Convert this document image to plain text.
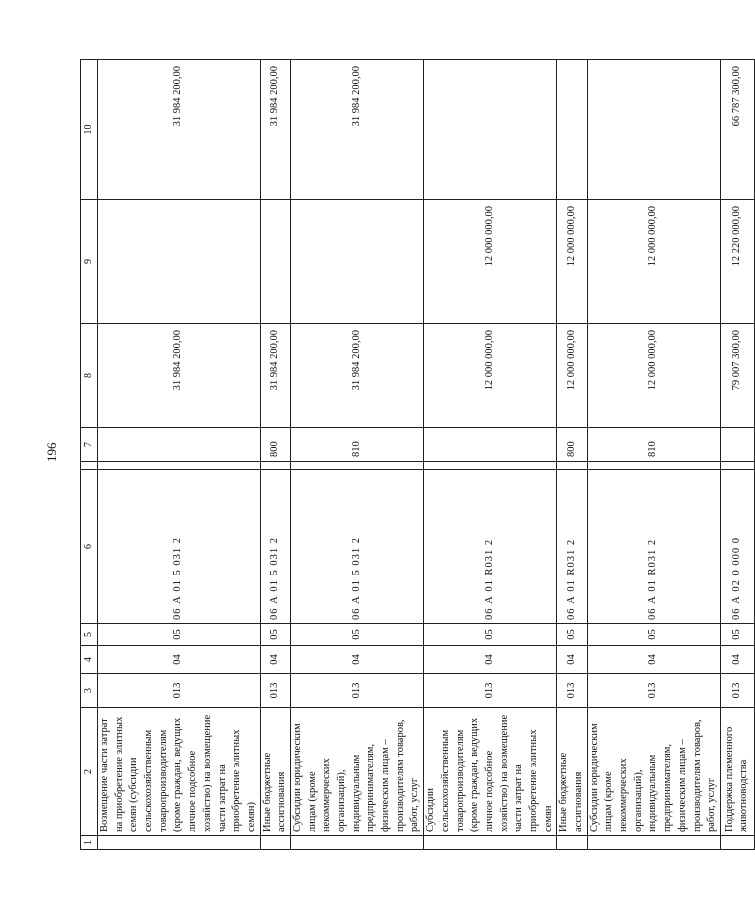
196
1	2	3	4	5	6		7	8	9	10
	Возмещение части затрат на приобретение элитных семян (субсидии сельскохозяйственным товаропроизводителям (кроме граждан, ведущих личное подсобное хозяйство) на возмещение части затрат на приобретение элитных семян)	013	04	05	06 А 01 5 031 2			31 984 200,00		31 984 200,00
	Иные бюджетные ассигнования	013	04	05	06 А 01 5 031 2		800	31 984 200,00		31 984 200,00
	Субсидии юридическим лицам (кроме некоммерческих организаций), индивидуальным предпринимателям, физическим лицам – производителям товаров, работ, услуг	013	04	05	06 А 01 5 031 2		810	31 984 200,00		31 984 200,00
	Субсидии сельскохозяйственным товаропроизводителям (кроме граждан, ведущих личное подсобное хозяйство) на возмещение части затрат на приобретение элитных семян	013	04	05	06 А 01 R031 2			12 000 000,00	12 000 000,00	
	Иные бюджетные ассигнования	013	04	05	06 А 01 R031 2		800	12 000 000,00	12 000 000,00	
	Субсидии юридическим лицам (кроме некоммерческих организаций), индивидуальным предпринимателям, физическим лицам – производителям товаров, работ, услуг	013	04	05	06 А 01 R031 2		810	12 000 000,00	12 000 000,00	
	Поддержка племенного животноводства	013	04	05	06 А 02 0 000 0			79 007 300,00	12 220 000,00	66 787 300,00
